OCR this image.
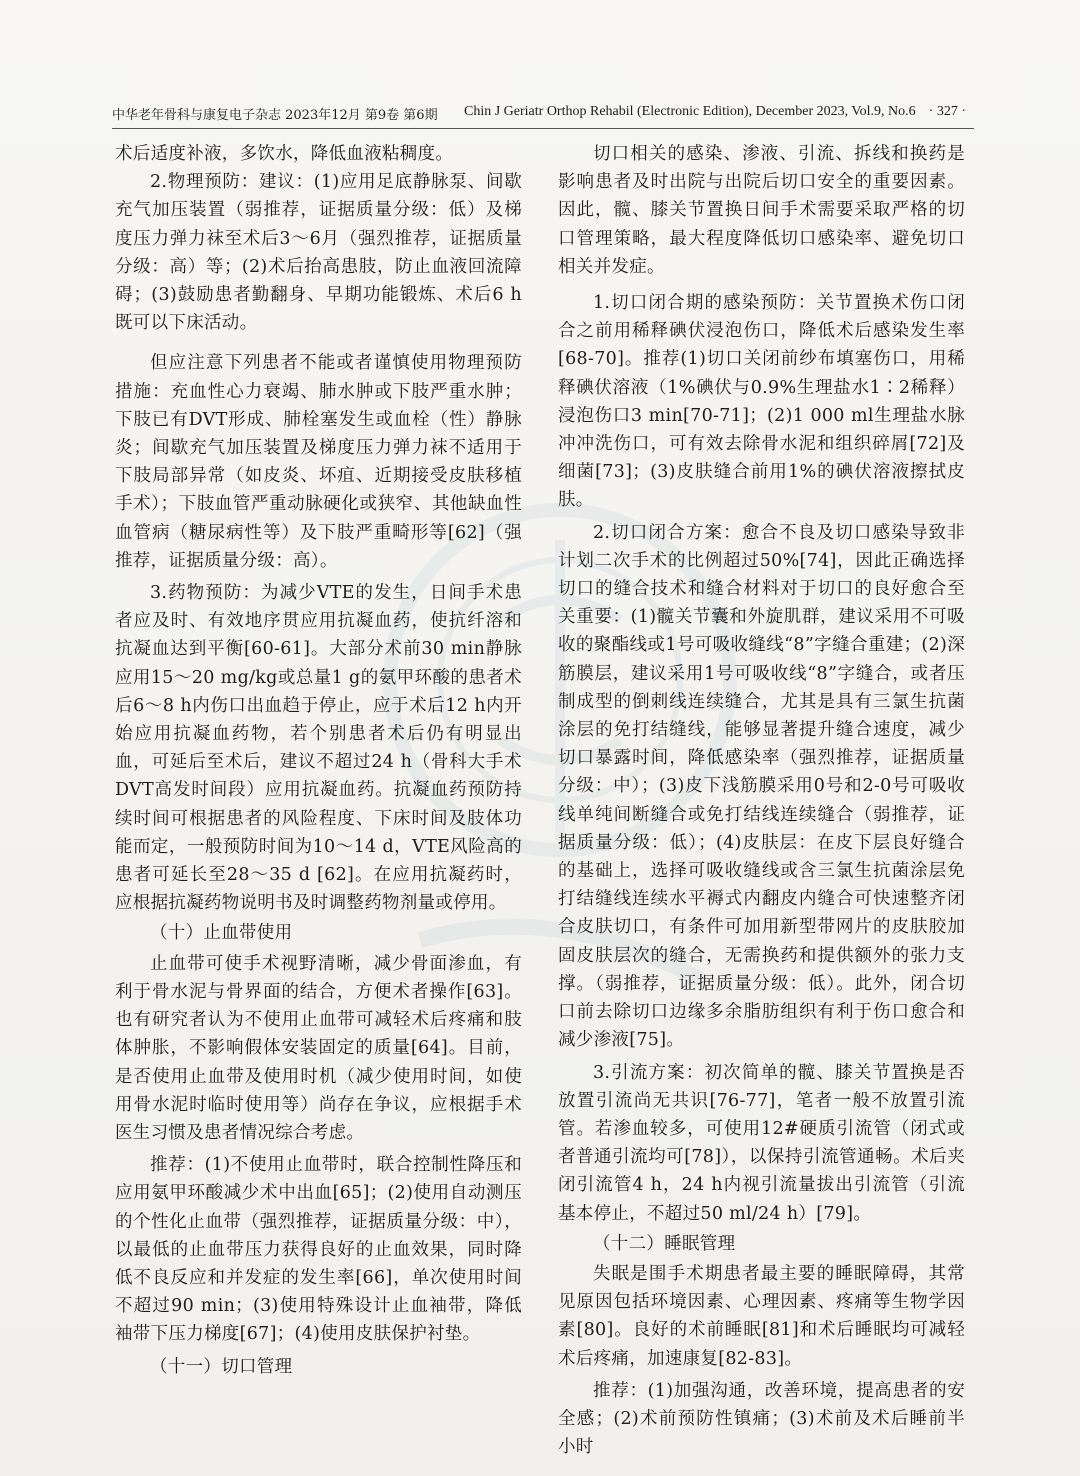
中华老年骨科与康复电子杂志 2023年12月 第9卷 第6期 Chin J Geriatr Orthop Rehabil (Electronic Edition), December 2023, Vol.9, No.6 · 327 ·

术后适度补液，多饮水，降低血液粘稠度。

2.物理预防：建议：(1)应用足底静脉泵、间歇充气加压装置（弱推荐，证据质量分级：低）及梯度压力弹力袜至术后3～6月（强烈推荐，证据质量分级：高）等；(2)术后抬高患肢，防止血液回流障碍；(3)鼓励患者勤翻身、早期功能锻炼、术后6 h既可以下床活动。

但应注意下列患者不能或者谨慎使用物理预防措施：充血性心力衰竭、肺水肿或下肢严重水肿；下肢已有DVT形成、肺栓塞发生或血栓（性）静脉炎；间歇充气加压装置及梯度压力弹力袜不适用于下肢局部异常（如皮炎、坏疽、近期接受皮肤移植手术）；下肢血管严重动脉硬化或狭窄、其他缺血性血管病（糖尿病性等）及下肢严重畸形等[62]（强推荐，证据质量分级：高）。

3.药物预防：为减少VTE的发生，日间手术患者应及时、有效地序贯应用抗凝血药，使抗纤溶和抗凝血达到平衡[60-61]。大部分术前30 min静脉应用15～20 mg/kg或总量1 g的氨甲环酸的患者术后6～8 h内伤口出血趋于停止，应于术后12 h内开始应用抗凝血药物，若个别患者术后仍有明显出血，可延后至术后，建议不超过24 h（骨科大手术DVT高发时间段）应用抗凝血药。抗凝血药预防持续时间可根据患者的风险程度、下床时间及肢体功能而定，一般预防时间为10～14 d，VTE风险高的患者可延长至28～35 d [62]。在应用抗凝药时，应根据抗凝药物说明书及时调整药物剂量或停用。

（十）止血带使用

止血带可使手术视野清晰，减少骨面渗血，有利于骨水泥与骨界面的结合，方便术者操作[63]。也有研究者认为不使用止血带可减轻术后疼痛和肢体肿胀，不影响假体安装固定的质量[64]。目前，是否使用止血带及使用时机（减少使用时间，如使用骨水泥时临时使用等）尚存在争议，应根据手术医生习惯及患者情况综合考虑。

推荐：(1)不使用止血带时，联合控制性降压和应用氨甲环酸减少术中出血[65]；(2)使用自动测压的个性化止血带（强烈推荐，证据质量分级：中），以最低的止血带压力获得良好的止血效果，同时降低不良反应和并发症的发生率[66]，单次使用时间不超过90 min；(3)使用特殊设计止血袖带，降低袖带下压力梯度[67]；(4)使用皮肤保护衬垫。

（十一）切口管理

切口相关的感染、渗液、引流、拆线和换药是影响患者及时出院与出院后切口安全的重要因素。因此，髋、膝关节置换日间手术需要采取严格的切口管理策略，最大程度降低切口感染率、避免切口相关并发症。

1.切口闭合期的感染预防：关节置换术伤口闭合之前用稀释碘伏浸泡伤口，降低术后感染发生率[68-70]。推荐(1)切口关闭前纱布填塞伤口，用稀释碘伏溶液（1%碘伏与0.9%生理盐水1∶2稀释）浸泡伤口3 min[70-71]；(2)1 000 ml生理盐水脉冲冲洗伤口，可有效去除骨水泥和组织碎屑[72]及细菌[73]；(3)皮肤缝合前用1%的碘伏溶液擦拭皮肤。

2.切口闭合方案：愈合不良及切口感染导致非计划二次手术的比例超过50%[74]，因此正确选择切口的缝合技术和缝合材料对于切口的良好愈合至关重要：(1)髋关节囊和外旋肌群，建议采用不可吸收的聚酯线或1号可吸收缝线“8”字缝合重建；(2)深筋膜层，建议采用1号可吸收线“8”字缝合，或者压制成型的倒刺线连续缝合，尤其是具有三氯生抗菌涂层的免打结缝线，能够显著提升缝合速度，减少切口暴露时间，降低感染率（强烈推荐，证据质量分级：中）；(3)皮下浅筋膜采用0号和2-0号可吸收线单纯间断缝合或免打结线连续缝合（弱推荐，证据质量分级：低）；(4)皮肤层：在皮下层良好缝合的基础上，选择可吸收缝线或含三氯生抗菌涂层免打结缝线连续水平褥式内翻皮内缝合可快速整齐闭合皮肤切口，有条件可加用新型带网片的皮肤胶加固皮肤层次的缝合，无需换药和提供额外的张力支撑。（弱推荐，证据质量分级：低）。此外，闭合切口前去除切口边缘多余脂肪组织有利于伤口愈合和减少渗液[75]。

3.引流方案：初次简单的髋、膝关节置换是否放置引流尚无共识[76-77]，笔者一般不放置引流管。若渗血较多，可使用12#硬质引流管（闭式或者普通引流均可[78]），以保持引流管通畅。术后夹闭引流管4 h，24 h内视引流量拔出引流管（引流基本停止，不超过50 ml/24 h）[79]。

（十二）睡眠管理

失眠是围手术期患者最主要的睡眠障碍，其常见原因包括环境因素、心理因素、疼痛等生物学因素[80]。良好的术前睡眠[81]和术后睡眠均可减轻术后疼痛，加速康复[82-83]。

推荐：(1)加强沟通，改善环境，提高患者的安全感；(2)术前预防性镇痛；(3)术前及术后睡前半小时
